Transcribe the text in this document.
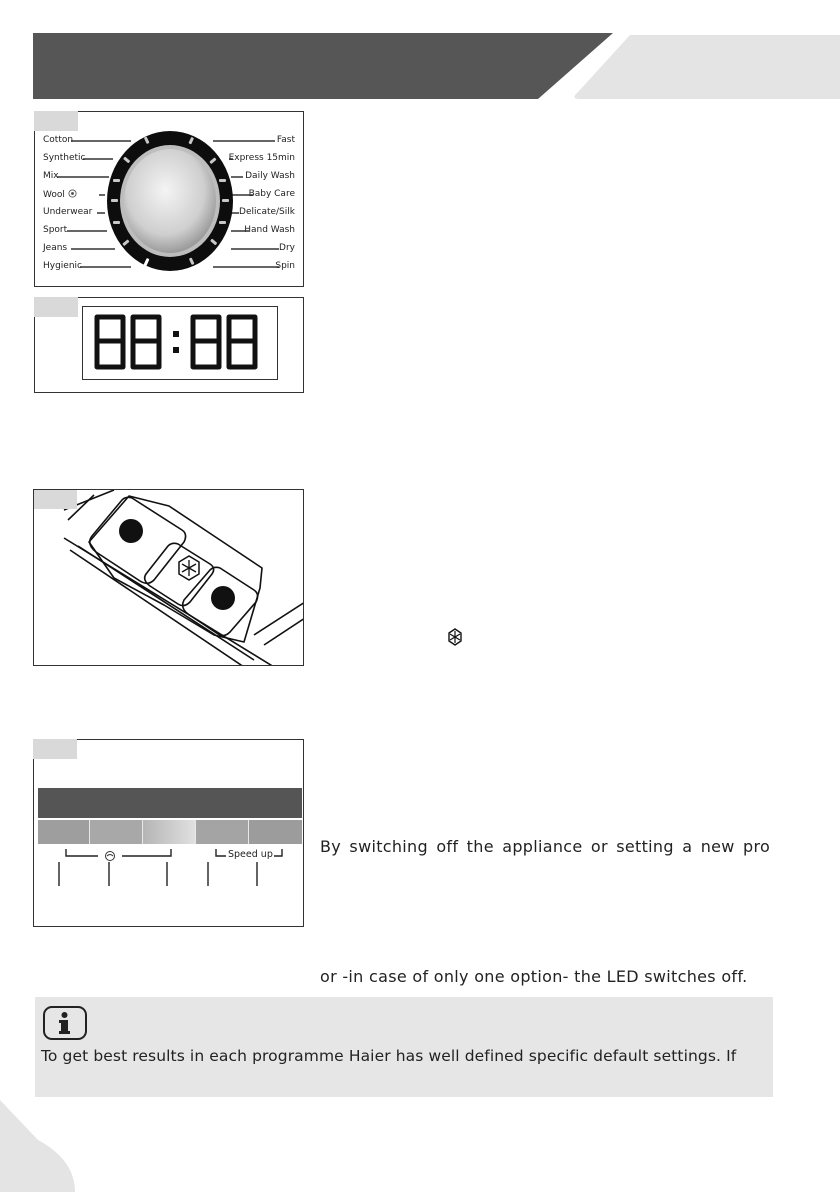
Cotton
Synthetic
Mix
Wool
Underwear
Sport
Jeans
Hygienic
Fast
Express 15min
Daily Wash
Baby Care
Delicate/Silk
Hand Wash
Dry
Spin
2
1
Speed up	By switching off the appliance or setting a new pro
or -in case of only one option- the LED switches off.
To get best results in each programme Haier has well defined specific default settings. If
